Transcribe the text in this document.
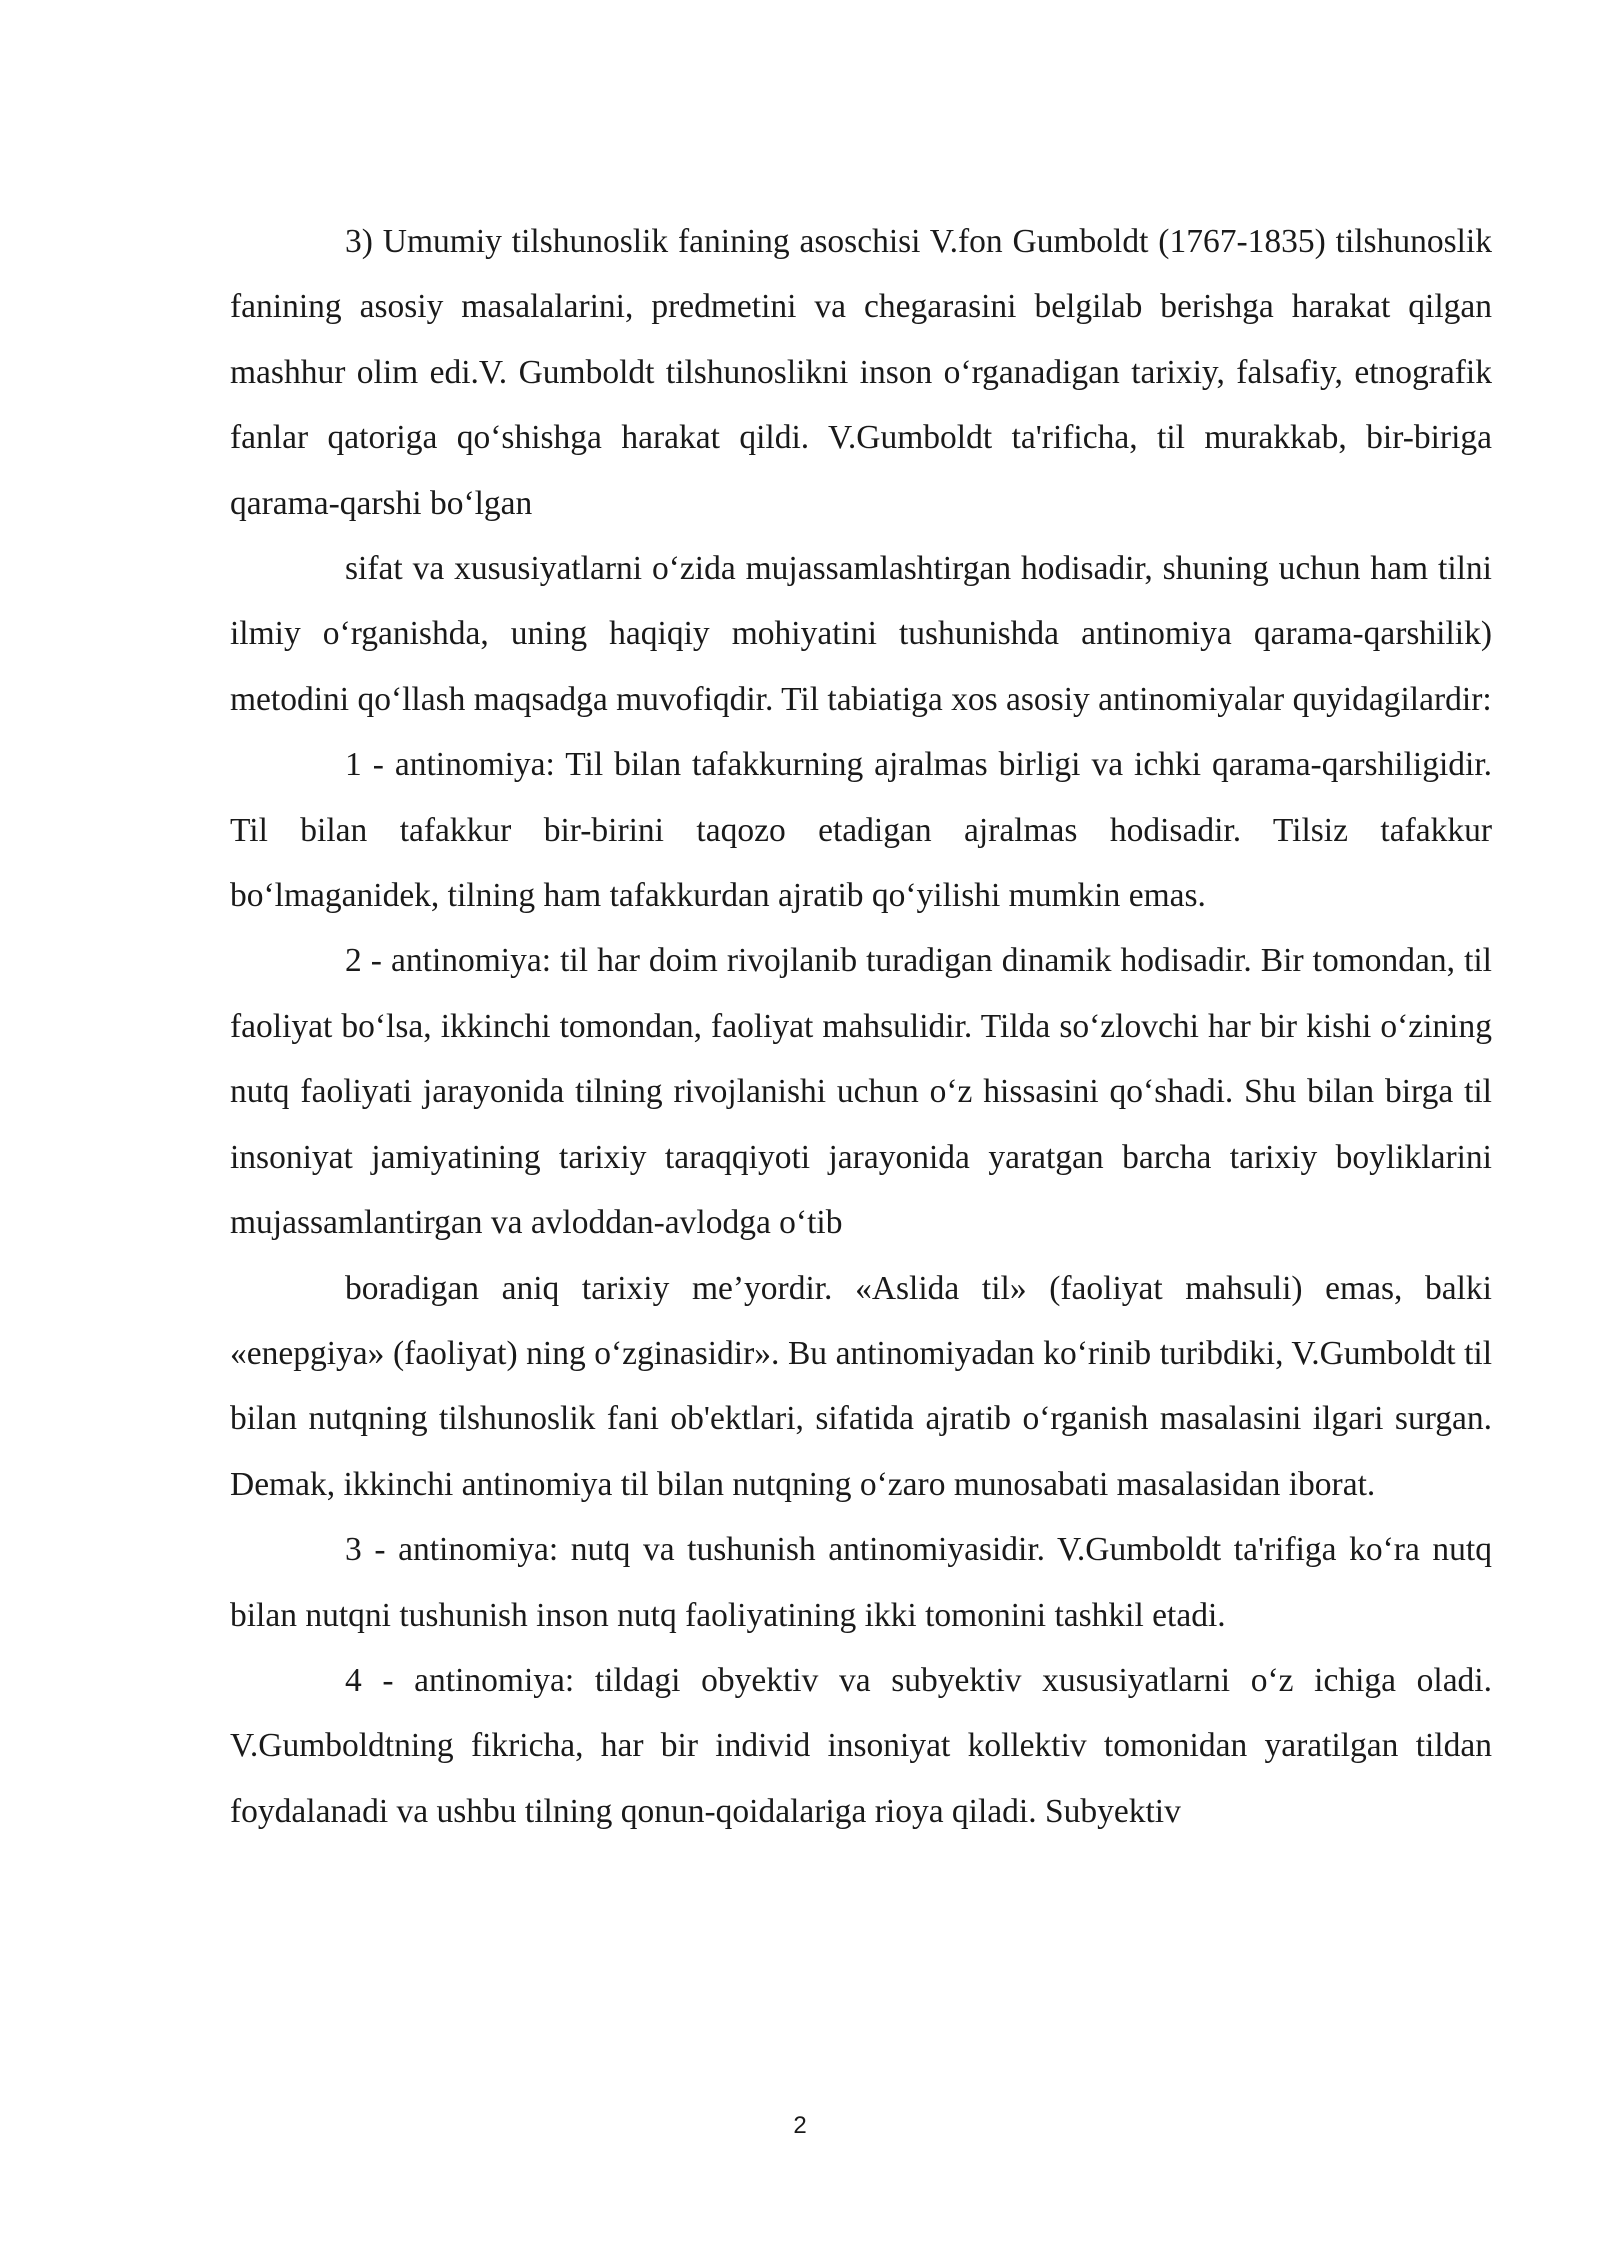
3) Umumiy tilshunoslik fanining asoschisi V.fon Gumboldt (1767-1835) tilshunoslik fanining asosiy masalalarini, predmetini va chegarasini belgilab berishga harakat qilgan mashhur olim edi.V. Gumboldt tilshunoslikni inson o‘rganadigan tarixiy, falsafiy, etnografik fanlar qatoriga qo‘shishga harakat qildi. V.Gumboldt ta'rificha, til murakkab, bir-biriga qarama-qarshi bo‘lgan

sifat va xususiyatlarni o‘zida mujassamlashtirgan hodisadir, shuning uchun ham tilni ilmiy o‘rganishda, uning haqiqiy mohiyatini tushunishda antinomiya qarama-qarshilik) metodini qo‘llash maqsadga muvofiqdir. Til tabiatiga xos asosiy antinomiyalar quyidagilardir:

1 - antinomiya: Til bilan tafakkurning ajralmas birligi va ichki qarama-qarshiligidir. Til bilan tafakkur bir-birini taqozo etadigan ajralmas hodisadir. Tilsiz tafakkur bo‘lmaganidek, tilning ham tafakkurdan ajratib qo‘yilishi mumkin emas.

2 - antinomiya: til har doim rivojlanib turadigan dinamik hodisadir. Bir tomondan, til faoliyat bo‘lsa, ikkinchi tomondan, faoliyat mahsulidir. Tilda so‘zlovchi har bir kishi o‘zining nutq faoliyati jarayonida tilning rivojlanishi uchun o‘z hissasini qo‘shadi. Shu bilan birga til insoniyat jamiyatining tarixiy taraqqiyoti jarayonida yaratgan barcha tarixiy boyliklarini mujassamlantirgan va avloddan-avlodga o‘tib

boradigan aniq tarixiy me’yordir. «Aslida til» (faoliyat mahsuli) emas, balki «enepgiya» (faoliyat) ning o‘zginasidir». Bu antinomiyadan ko‘rinib turibdiki, V.Gumboldt til bilan nutqning tilshunoslik fani ob'ektlari, sifatida ajratib o‘rganish masalasini ilgari surgan. Demak, ikkinchi antinomiya til bilan nutqning o‘zaro munosabati masalasidan iborat.

3 - antinomiya: nutq va tushunish antinomiyasidir. V.Gumboldt ta'rifiga ko‘ra nutq bilan nutqni tushunish inson nutq faoliyatining ikki tomonini tashkil etadi.

4 - antinomiya: tildagi obyektiv va subyektiv xususiyatlarni o‘z ichiga oladi. V.Gumboldtning fikricha, har bir individ insoniyat kollektiv tomonidan yaratilgan tildan foydalanadi va ushbu tilning qonun-qoidalariga rioya qiladi. Subyektiv

2
